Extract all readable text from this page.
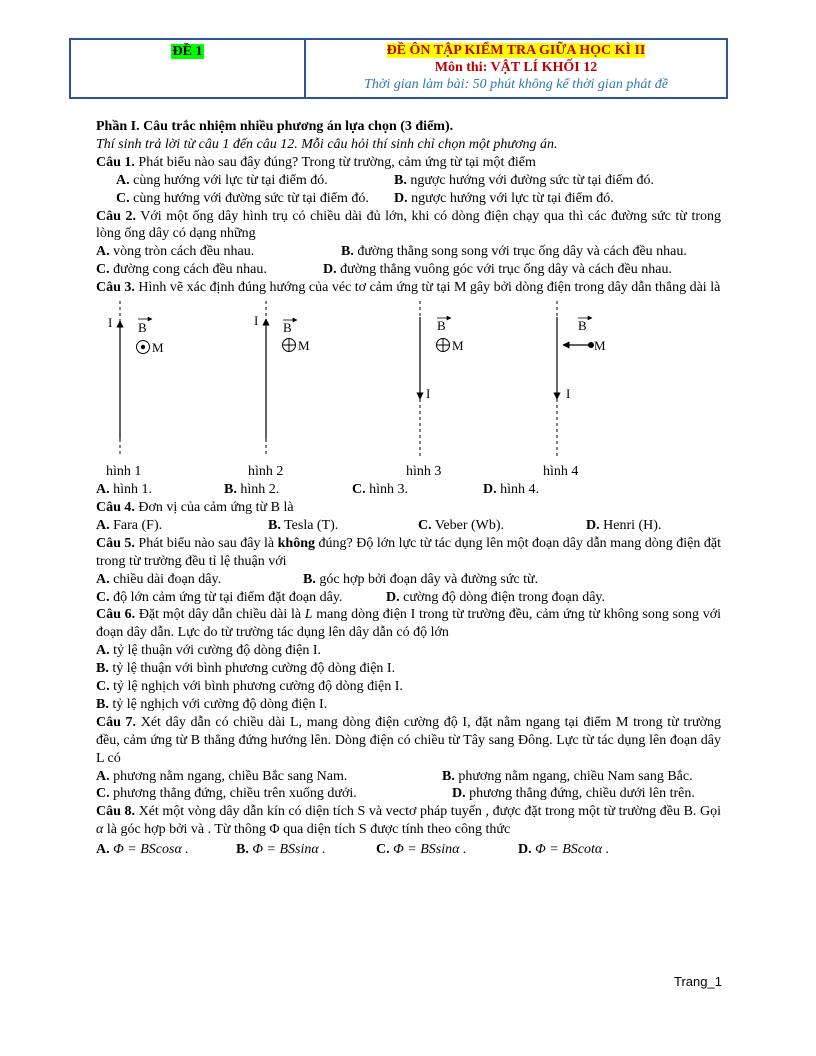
ĐỀ 1	ĐỀ ÔN TẬP KIỂM TRA GIỮA HỌC KÌ II
Môn thi: VẬT LÍ KHỐI 12
Thời gian làm bài: 50 phút không kể thời gian phát đề

Phần I. Câu trắc nhiệm nhiều phương án lựa chọn (3 điểm).

Thí sinh trả lời từ câu 1 đến câu 12. Mỗi câu hỏi thí sinh chỉ chọn một phương án.

Câu 1. Phát biểu nào sau đây đúng? Trong từ trường, cảm ứng từ tại một điểm

A. cùng hướng với lực từ tại điểm đó.	B. ngược hướng với đường sức từ tại điểm đó.
C. cùng hướng với đường sức từ tại điểm đó.	D. ngược hướng với lực từ tại điểm đó.

Câu 2. Với một ống dây hình trụ có chiều dài đủ lớn, khi có dòng điện chạy qua thì các đường sức từ trong lòng ống dây có dạng những

A. vòng tròn cách đều nhau.	B. đường thẳng song song với trục ống dây và cách đều nhau.
C. đường cong cách đều nhau.	D. đường thẳng vuông góc với trục ống dây và cách đều nhau.

Câu 3. Hình vẽ xác định đúng hướng của véc tơ cảm ứng từ tại M gây bởi dòng điện trong dây dẫn thẳng dài là

I B
M
I B
M
B
M
I
B
M
I
hình 1	hình 2	hình 3	hình 4
A. hình 1.	B. hình 2.	C. hình 3.	D. hình 4.

Câu 4. Đơn vị của cảm ứng từ B là

A. Fara (F).	B. Tesla (T).	C. Veber (Wb).	D. Henri (H).

Câu 5. Phát biểu nào sau đây là không đúng? Độ lớn lực từ tác dụng lên một đoạn dây dẫn mang dòng điện đặt trong từ trường đều tỉ lệ thuận với

A. chiều dài đoạn dây.	B. góc hợp bởi đoạn dây và đường sức từ.
C. độ lớn cảm ứng từ tại điểm đặt đoạn dây.	D. cường độ dòng điện trong đoạn dây.

Câu 6. Đặt một dây dẫn chiều dài là L mang dòng điện I trong từ trường đều, cảm ứng từ không song song với đoạn dây dẫn. Lực do từ trường tác dụng lên dây dẫn có độ lớn

A. tỷ lệ thuận với cường độ dòng điện I.

B. tỷ lệ thuận với bình phương cường độ dòng điện I.

C. tỷ lệ nghịch với bình phương cường độ dòng điện I.

B. tỷ lệ nghịch với cường độ dòng điện I.

Câu 7. Xét dây dẫn có chiều dài L, mang dòng điện cường độ I, đặt nằm ngang tại điểm M trong từ trường đều, cảm ứng từ B thẳng đứng hướng lên. Dòng điện có chiều từ Tây sang Đông. Lực từ tác dụng lên đoạn dây L có

A. phương nằm ngang, chiều Bắc sang Nam.	B. phương nằm ngang, chiều Nam sang Bắc.
C. phương thẳng đứng, chiều trên xuống dưới.	D. phương thẳng đứng, chiều dưới lên trên.

Câu 8. Xét một vòng dây dẫn kín có diện tích S và vectơ pháp tuyến , được đặt trong một từ trường đều B. Gọi α là góc hợp bởi và . Từ thông Φ qua diện tích S được tính theo công thức

A. Φ = BScosα .	B. Φ = BSsinα .	C. Φ = BSsinα .	D. Φ = BScotα .
Trang_1
